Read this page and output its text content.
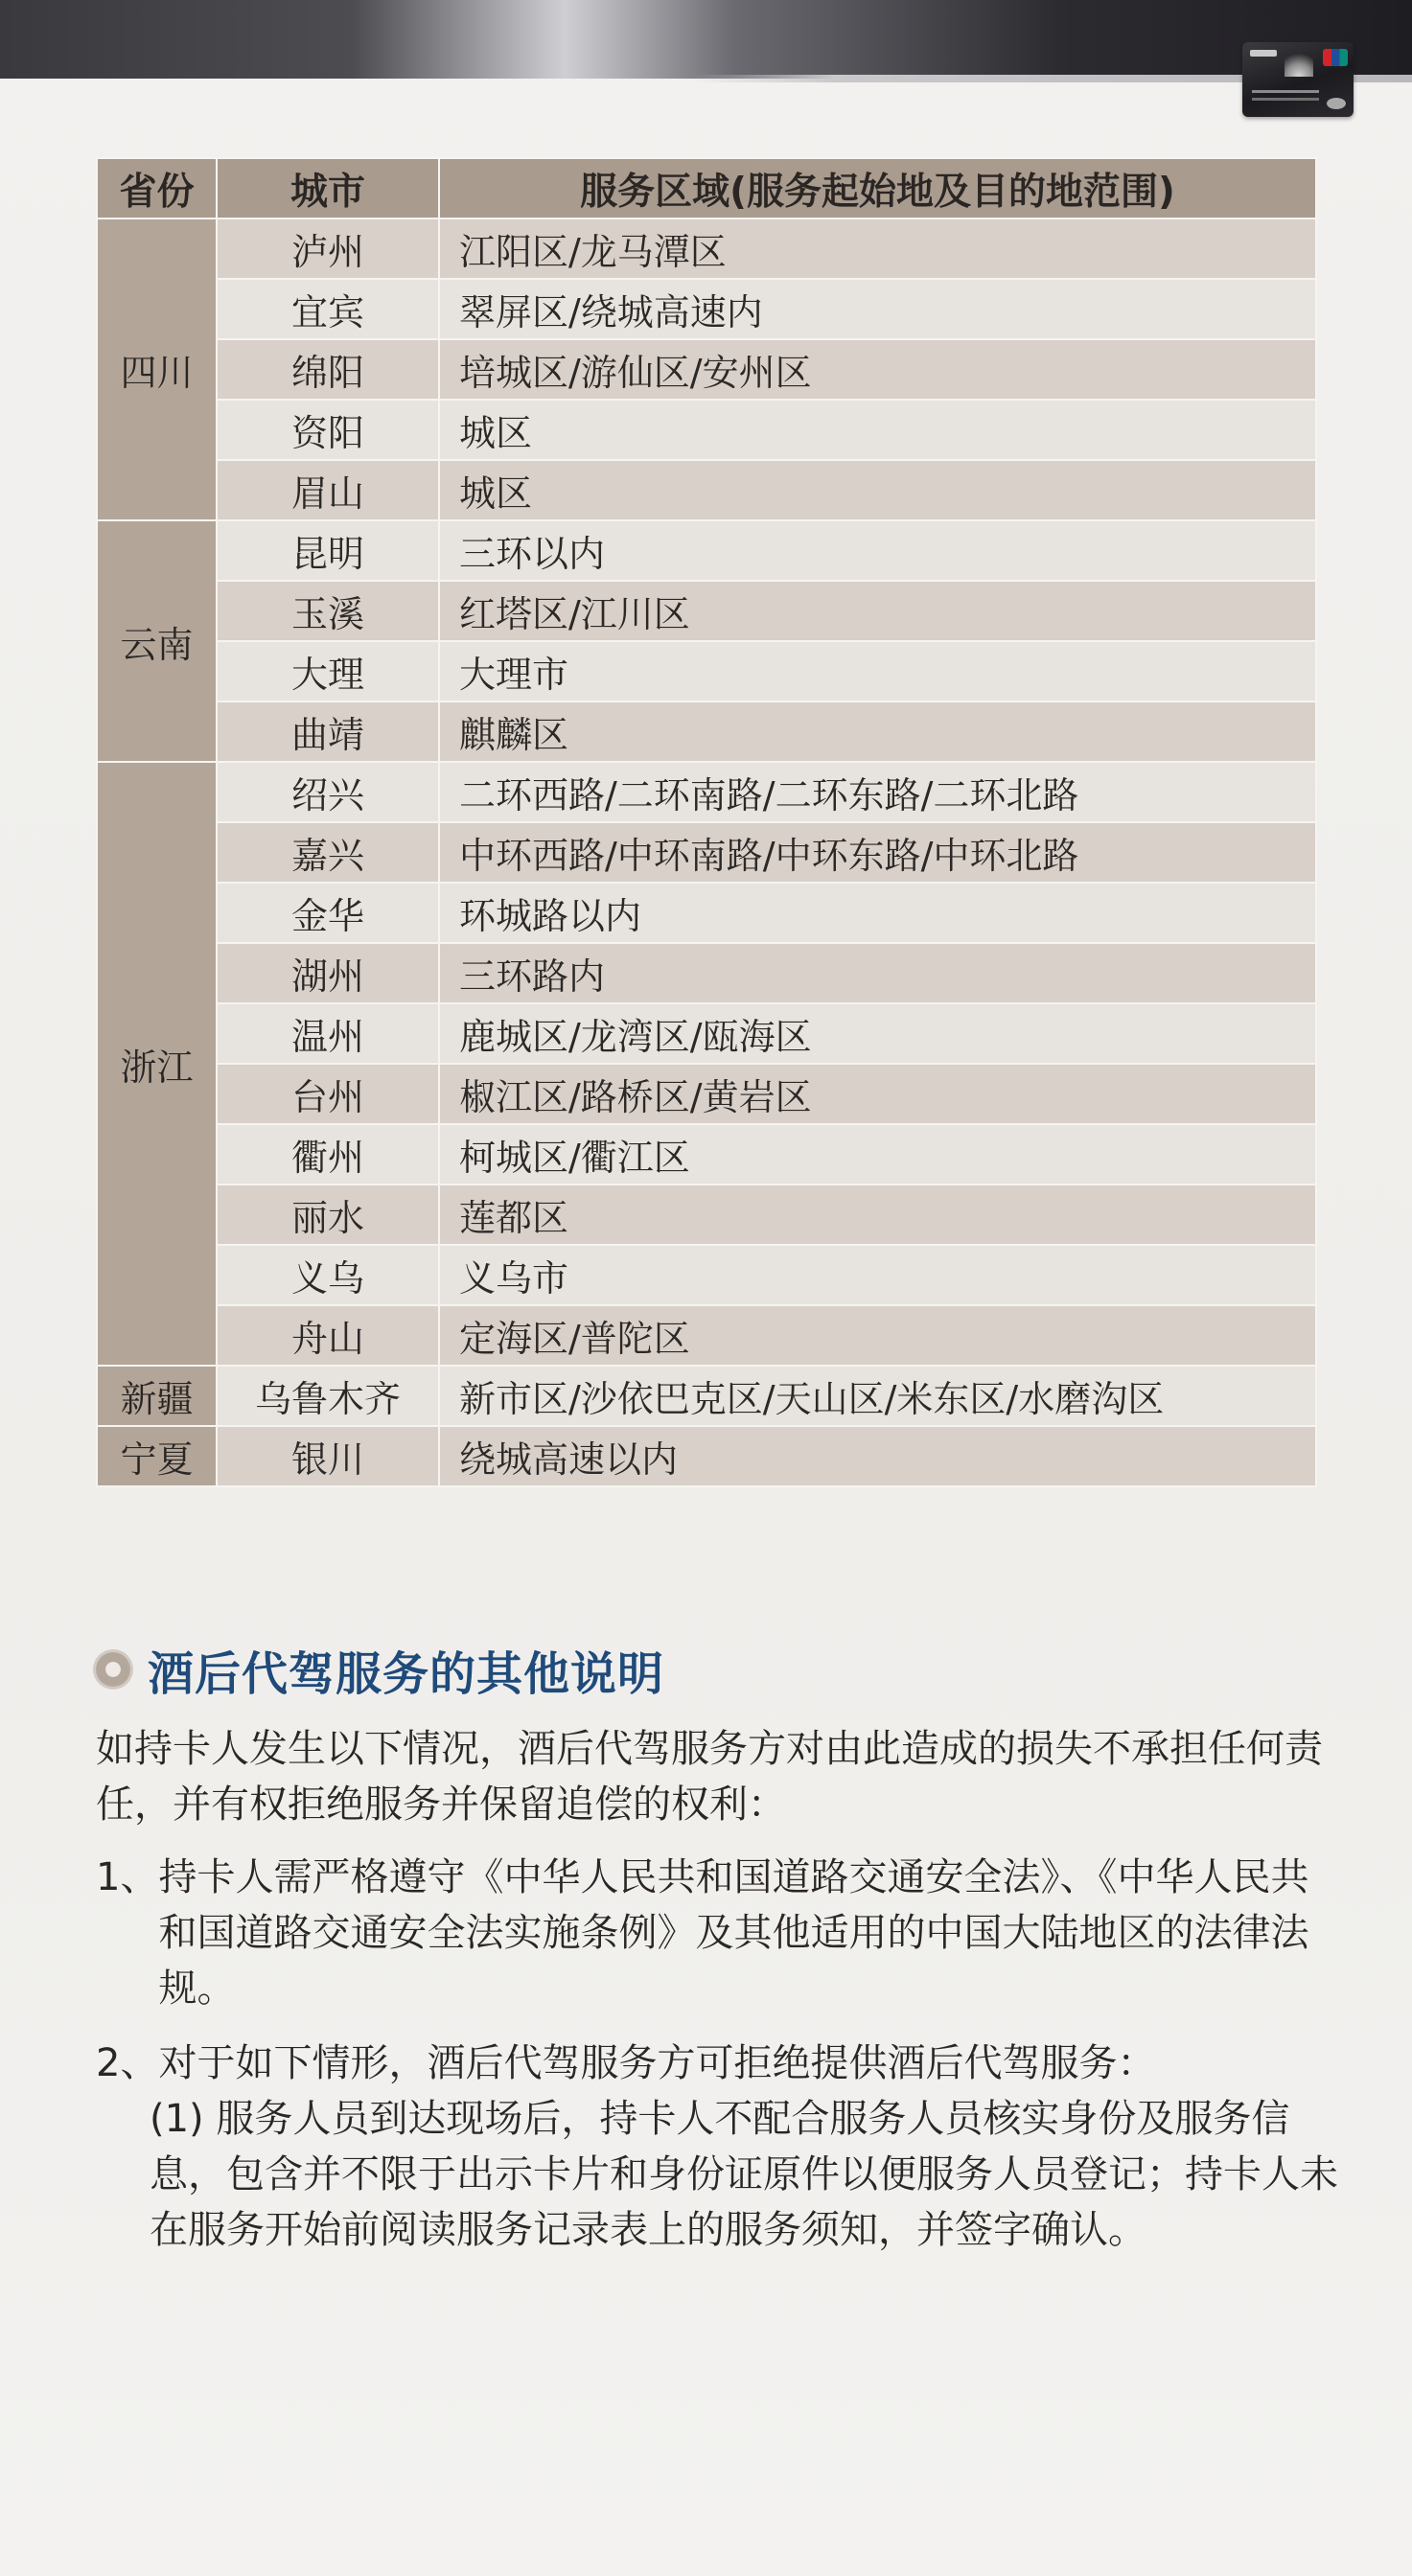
省份	城市	服务区域(服务起始地及目的地范围)
四川	泸州	江阳区/龙马潭区
	宜宾	翠屏区/绕城高速内
	绵阳	培城区/游仙区/安州区
	资阳	城区
	眉山	城区
云南	昆明	三环以内
	玉溪	红塔区/江川区
	大理	大理市
	曲靖	麒麟区
浙江	绍兴	二环西路/二环南路/二环东路/二环北路
	嘉兴	中环西路/中环南路/中环东路/中环北路
	金华	环城路以内
	湖州	三环路内
	温州	鹿城区/龙湾区/瓯海区
	台州	椒江区/路桥区/黄岩区
	衢州	柯城区/衢江区
	丽水	莲都区
	义乌	义乌市
	舟山	定海区/普陀区
新疆	乌鲁木齐	新市区/沙依巴克区/天山区/米东区/水磨沟区
宁夏	银川	绕城高速以内
酒后代驾服务的其他说明
如持卡人发生以下情况，酒后代驾服务方对由此造成的损失不承担任何责任，并有权拒绝服务并保留追偿的权利：
1、 持卡人需严格遵守《中华人民共和国道路交通安全法》、《中华人民共和国道路交通安全法实施条例》及其他适用的中国大陆地区的法律法规。
2、 对于如下情形，酒后代驾服务方可拒绝提供酒后代驾服务：
(1) 服务人员到达现场后，持卡人不配合服务人员核实身份及服务信息，包含并不限于出示卡片和身份证原件以便服务人员登记；持卡人未在服务开始前阅读服务记录表上的服务须知，并签字确认。
